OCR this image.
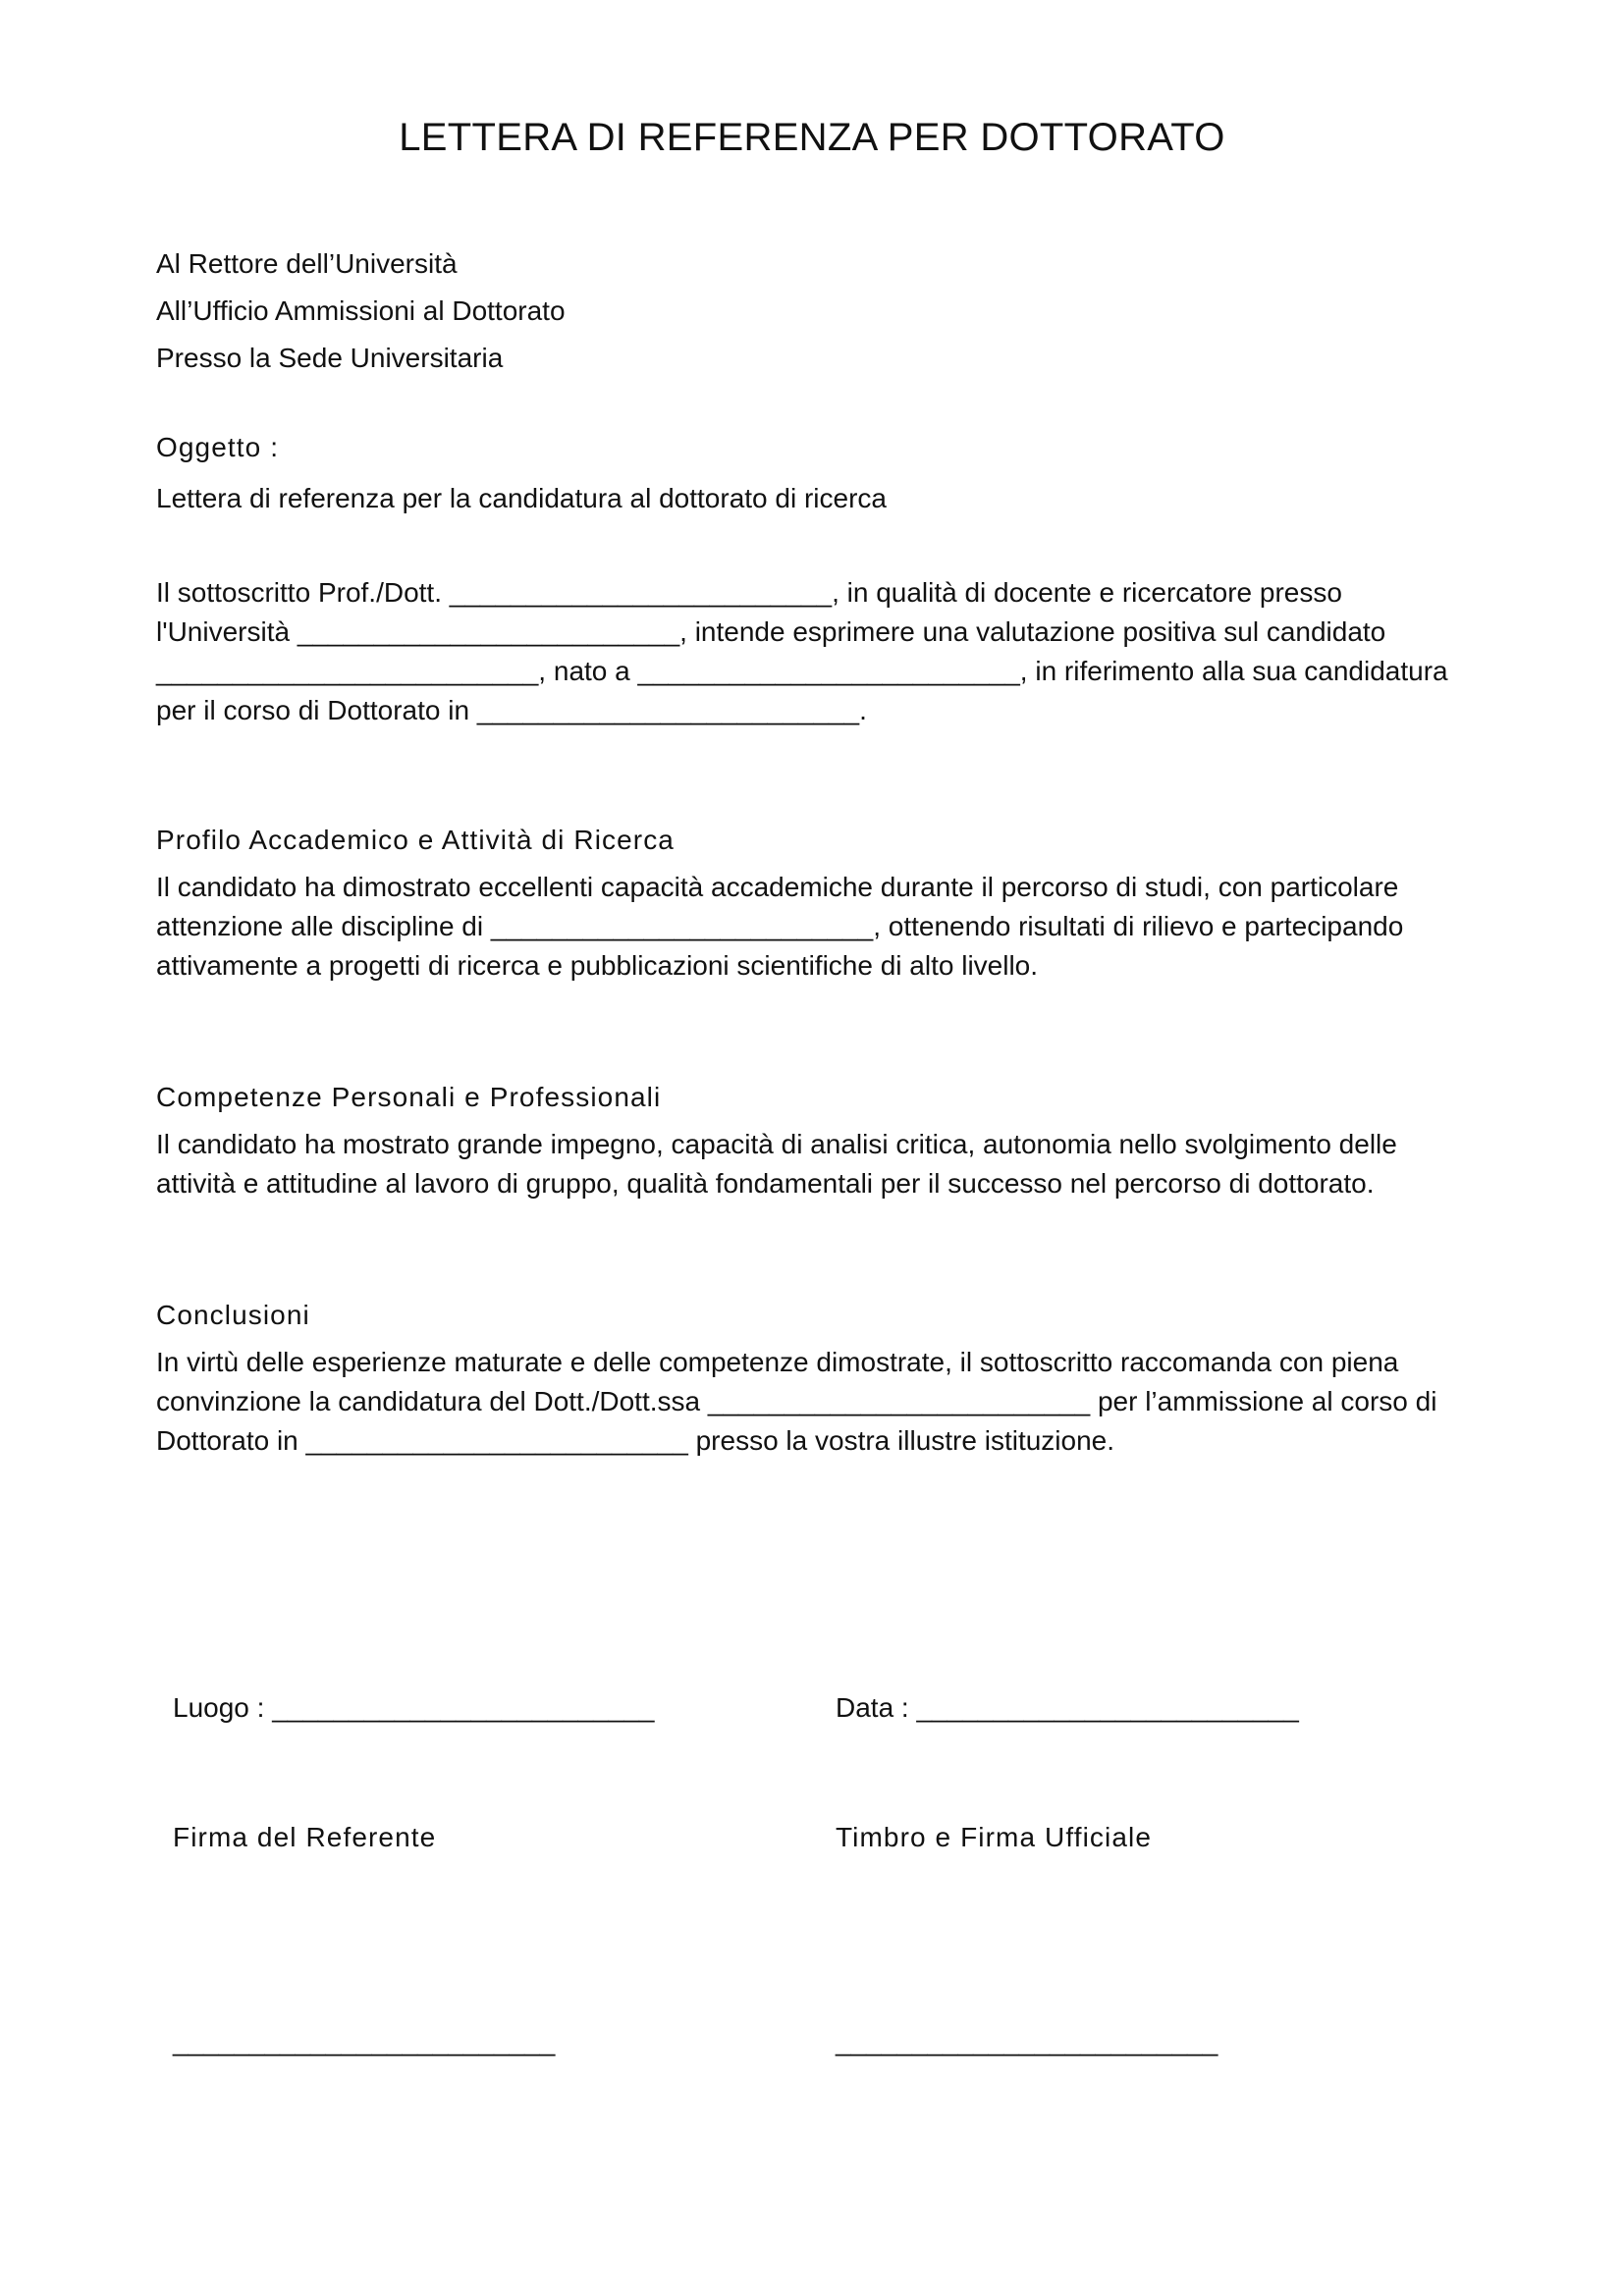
LETTERA DI REFERENZA PER DOTTORATO
Al Rettore dell’Università
All’Ufficio Ammissioni al Dottorato
Presso la Sede Universitaria
Oggetto :
Lettera di referenza per la candidatura al dottorato di ricerca
Il sottoscritto Prof./Dott. _________________________, in qualità di docente e ricercatore presso
l'Università _________________________, intende esprimere una valutazione positiva sul candidato
_________________________, nato a _________________________, in riferimento alla sua candidatura
per il corso di Dottorato in _________________________.
Profilo Accademico e Attività di Ricerca
Il candidato ha dimostrato eccellenti capacità accademiche durante il percorso di studi, con particolare
attenzione alle discipline di _________________________, ottenendo risultati di rilievo e partecipando
attivamente a progetti di ricerca e pubblicazioni scientifiche di alto livello.
Competenze Personali e Professionali
Il candidato ha mostrato grande impegno, capacità di analisi critica, autonomia nello svolgimento delle
attività e attitudine al lavoro di gruppo, qualità fondamentali per il successo nel percorso di dottorato.
Conclusioni
In virtù delle esperienze maturate e delle competenze dimostrate, il sottoscritto raccomanda con piena
convinzione la candidatura del Dott./Dott.ssa _________________________ per l’ammissione al corso di
Dottorato in _________________________ presso la vostra illustre istituzione.
Luogo : _________________________	Data : _________________________
Firma del Referente	Timbro e Firma Ufficiale
_________________________	_________________________
